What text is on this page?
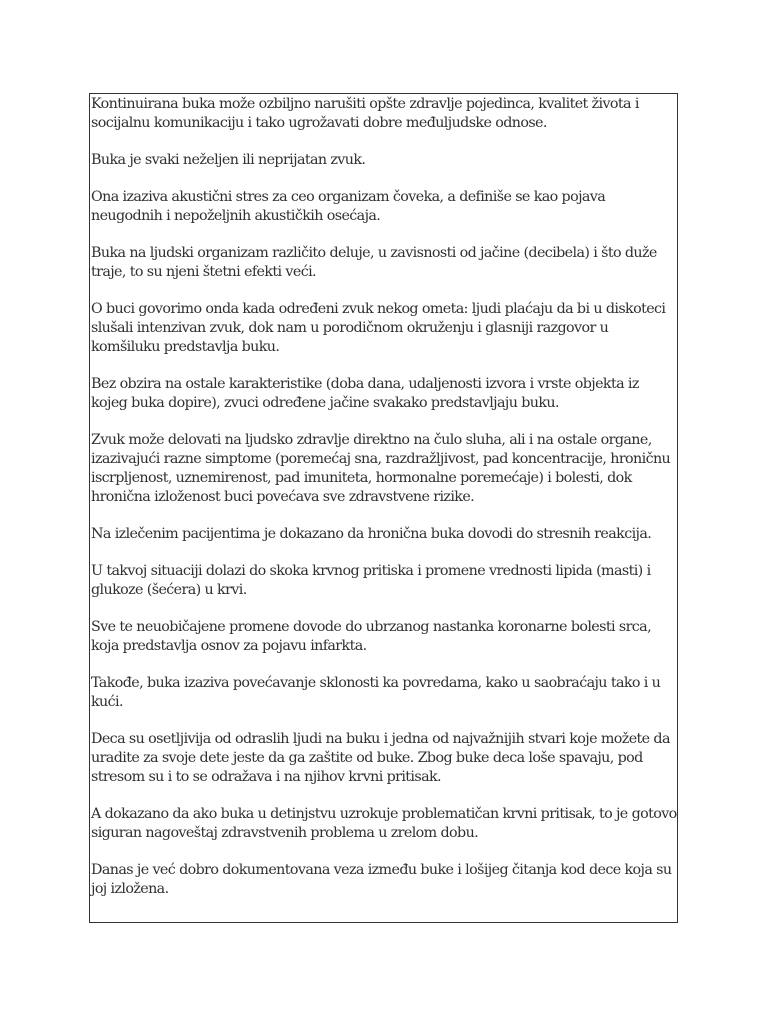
Kontinuirana buka može ozbiljno narušiti opšte zdravlje pojedinca, kvalitet života i socijalnu komunikaciju i tako ugrožavati dobre međuljudske odnose.

Buka je svaki neželjen ili neprijatan zvuk.

Ona izaziva akustični stres za ceo organizam čoveka, a definiše se kao pojava neugodnih i nepoželjnih akustičkih osećaja.

Buka na ljudski organizam različito deluje, u zavisnosti od jačine (decibela) i što duže traje, to su njeni štetni efekti veći.

O buci govorimo onda kada određeni zvuk nekog ometa: ljudi plaćaju da bi u diskoteci slušali intenzivan zvuk, dok nam u porodičnom okruženju i glasniji razgovor u komšiluku predstavlja buku.

Bez obzira na ostale karakteristike (doba dana, udaljenosti izvora i vrste objekta iz kojeg buka dopire), zvuci određene jačine svakako predstavljaju buku.

Zvuk može delovati na ljudsko zdravlje direktno na čulo sluha, ali i na ostale organe, izazivajući razne simptome (poremećaj sna, razdražljivost, pad koncentracije, hroničnu iscrpljenost, uznemirenost, pad imuniteta, hormonalne poremećaje) i bolesti, dok hronična izloženost buci povećava sve zdravstvene rizike.

Na izlečenim pacijentima je dokazano da hronična buka dovodi do stresnih reakcija.

U takvoj situaciji dolazi do skoka krvnog pritiska i promene vrednosti lipida (masti) i glukoze (šećera) u krvi.

Sve te neuobičajene promene dovode do ubrzanog nastanka koronarne bolesti srca, koja predstavlja osnov za pojavu infarkta.

Takođe, buka izaziva povećavanje sklonosti ka povredama, kako u saobraćaju tako i u kući.

Deca su osetljivija od odraslih ljudi na buku i jedna od najvažnijih stvari koje možete da uradite za svoje dete jeste da ga zaštite od buke. Zbog buke deca loše spavaju, pod stresom su i to se odražava i na njihov krvni pritisak.

A dokazano da ako buka u detinjstvu uzrokuje problematičan krvni pritisak, to je gotovo siguran nagoveštaj zdravstvenih problema u zrelom dobu.

Danas je već dobro dokumentovana veza između buke i lošijeg čitanja kod dece koja su joj izložena.
